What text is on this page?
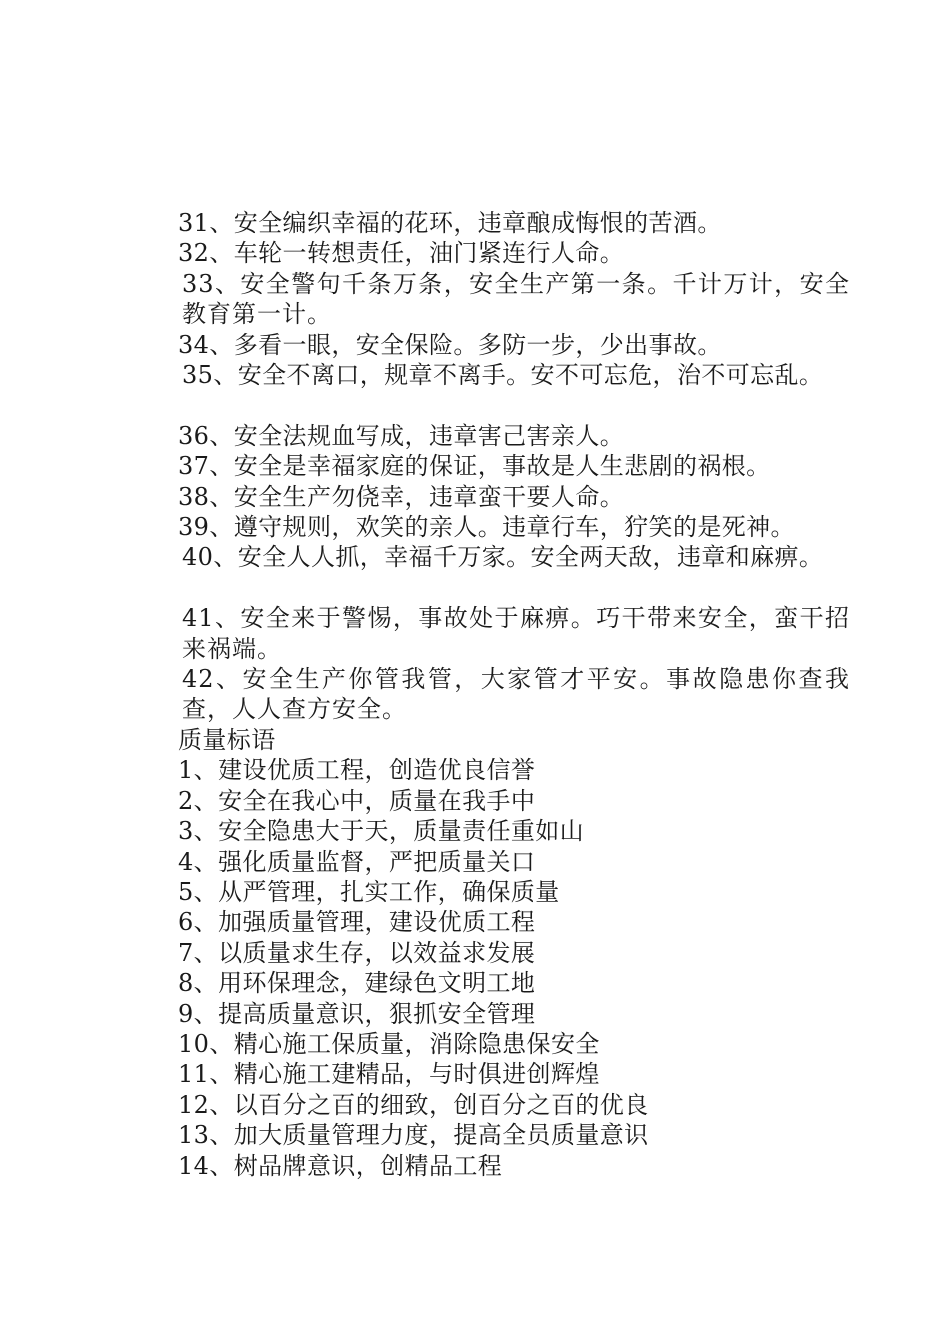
31、安全编织幸福的花环，违章酿成悔恨的苦酒。

32、车轮一转想责任，油门紧连行人命。

33、安全警句千条万条，安全生产第一条。千计万计，安全教育第一计。

34、多看一眼，安全保险。多防一步，少出事故。

35、安全不离口，规章不离手。安不可忘危，治不可忘乱。

36、安全法规血写成，违章害己害亲人。

37、安全是幸福家庭的保证，事故是人生悲剧的祸根。

38、安全生产勿侥幸，违章蛮干要人命。

39、遵守规则，欢笑的亲人。违章行车，狞笑的是死神。

40、安全人人抓，幸福千万家。安全两天敌，违章和麻痹。

41、安全来于警惕，事故处于麻痹。巧干带来安全，蛮干招来祸端。

42、安全生产你管我管，大家管才平安。事故隐患你查我查，人人查方安全。

质量标语

1、建设优质工程，创造优良信誉

2、安全在我心中，质量在我手中

3、安全隐患大于天，质量责任重如山

4、强化质量监督，严把质量关口

5、从严管理，扎实工作，确保质量

6、加强质量管理，建设优质工程

7、以质量求生存，以效益求发展

8、用环保理念，建绿色文明工地

9、提高质量意识，狠抓安全管理

10、精心施工保质量，消除隐患保安全

11、精心施工建精品，与时俱进创辉煌

12、以百分之百的细致，创百分之百的优良

13、加大质量管理力度，提高全员质量意识

14、树品牌意识，创精品工程
